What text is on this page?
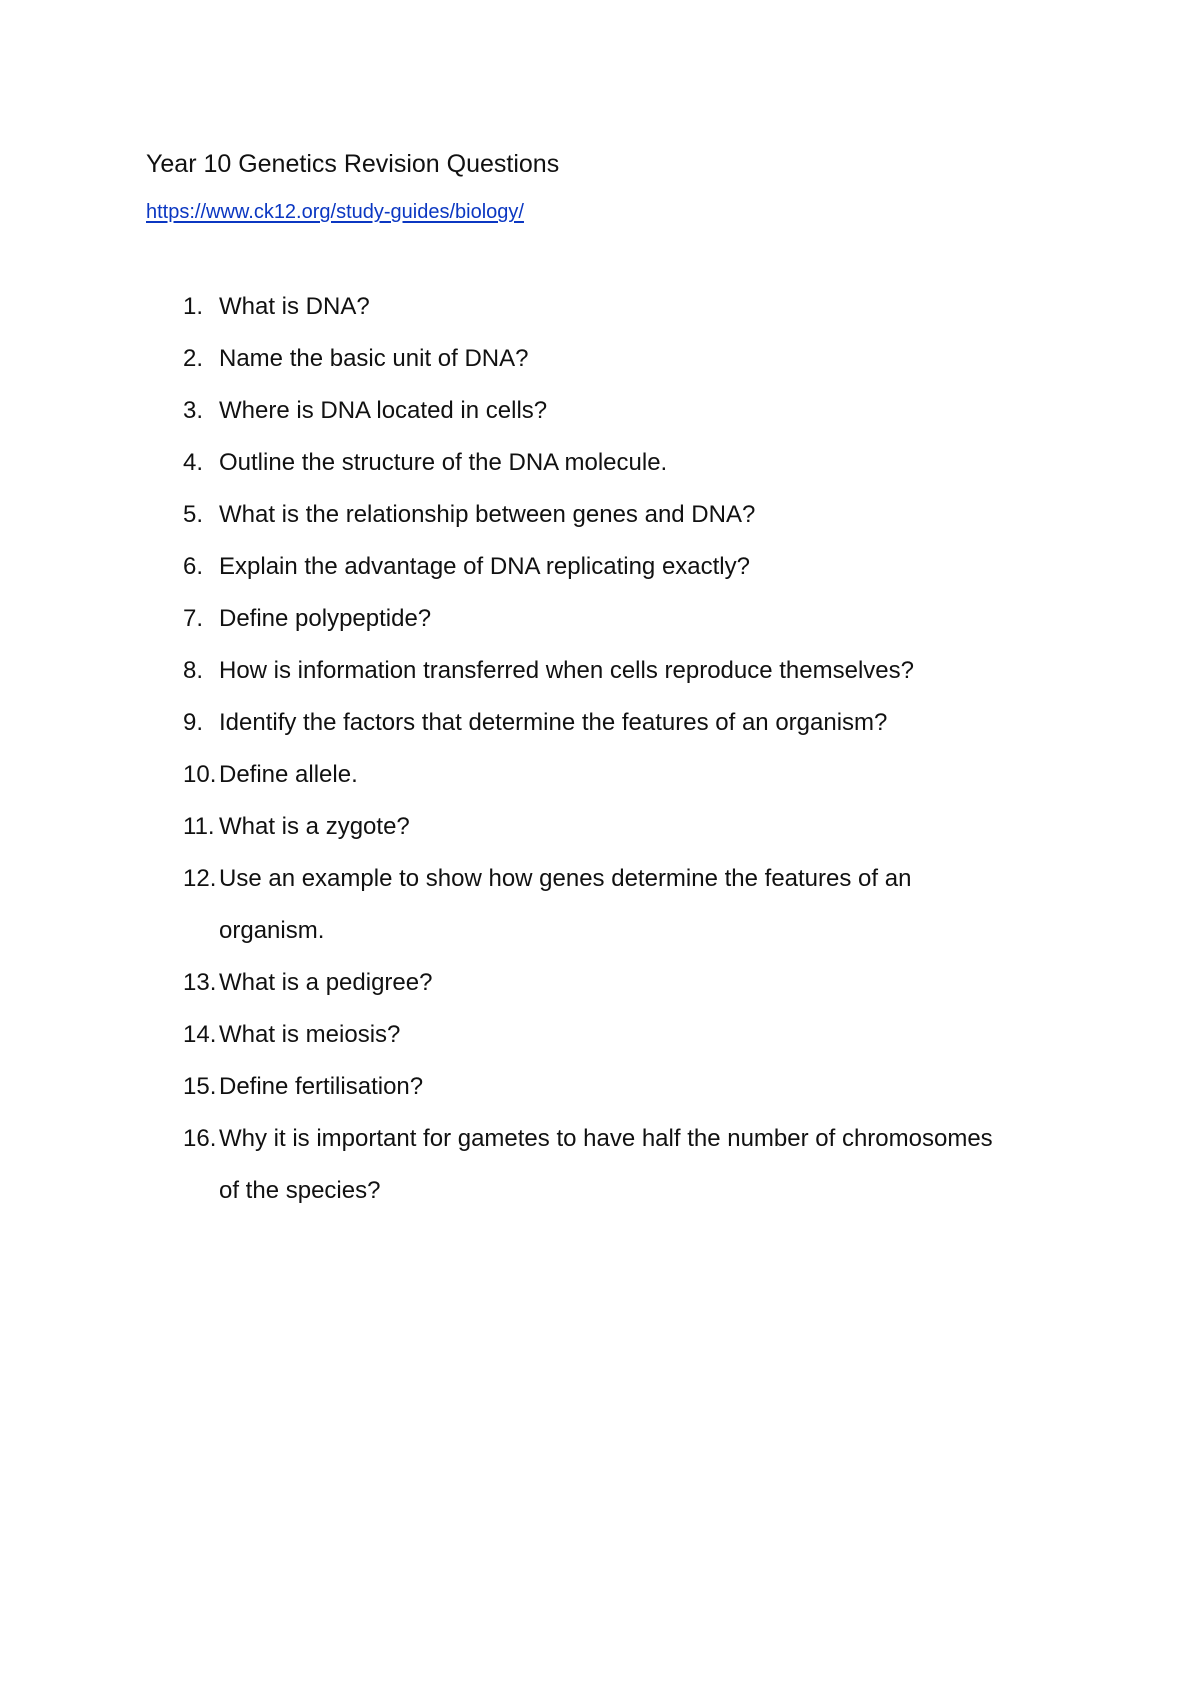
Year 10 Genetics Revision Questions
https://www.ck12.org/study-guides/biology/
1. What is DNA?
2. Name the basic unit of DNA?
3. Where is DNA located in cells?
4. Outline the structure of the DNA molecule.
5. What is the relationship between genes and DNA?
6. Explain the advantage of DNA replicating exactly?
7. Define polypeptide?
8. How is information transferred when cells reproduce themselves?
9. Identify the factors that determine the features of an organism?
10. Define allele.
11. What is a zygote?
12. Use an example to show how genes determine the features of an organism.
13. What is a pedigree?
14. What is meiosis?
15. Define fertilisation?
16. Why it is important for gametes to have half the number of chromosomes of the species?
